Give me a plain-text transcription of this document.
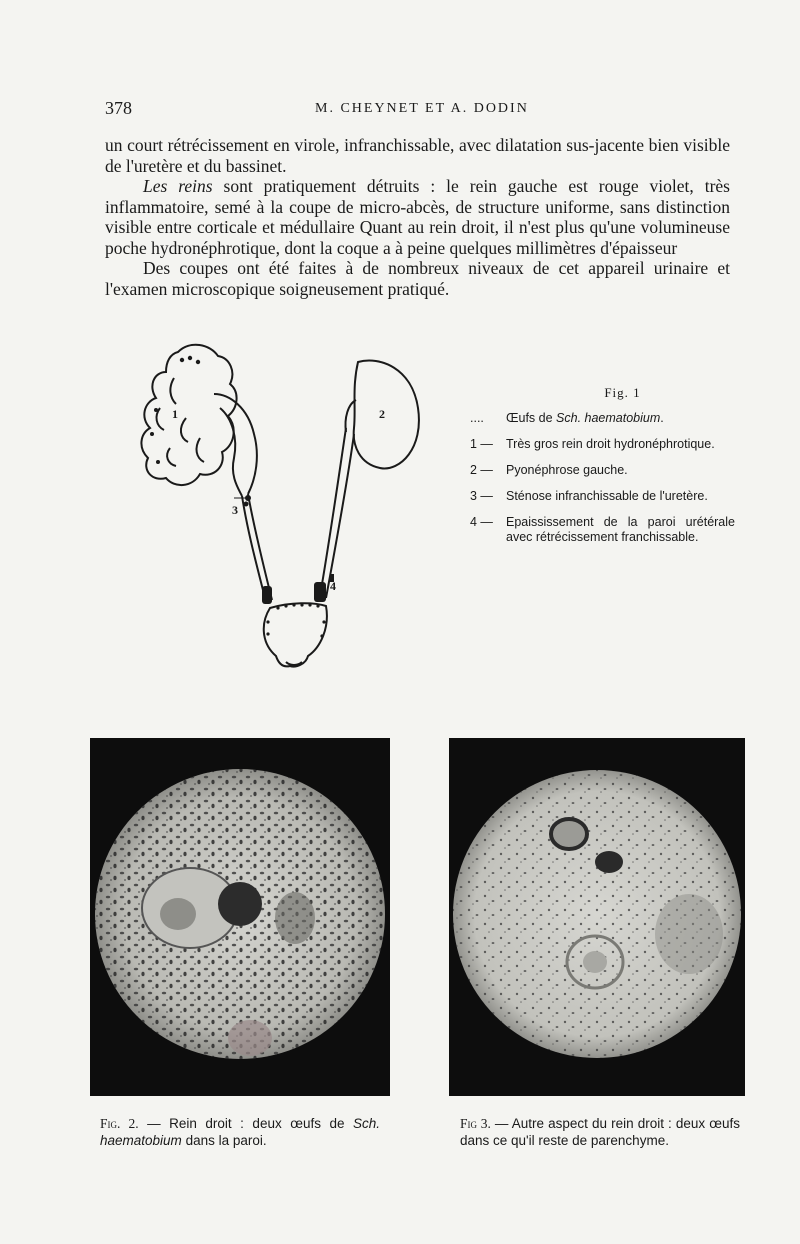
378	M. CHEYNET ET A. DODIN

un court rétrécissement en virole, infranchissable, avec dilatation sus-jacente bien visible de l'uretère et du bassinet.

Les reins sont pratiquement détruits : le rein gauche est rouge violet, très inflammatoire, semé à la coupe de micro-abcès, de structure uniforme, sans distinction visible entre corticale et médullaire Quant au rein droit, il n'est plus qu'une volumineuse poche hydronéphrotique, dont la coque a à peine quelques millimètres d'épaisseur

Des coupes ont été faites à de nombreux niveaux de cet appareil urinaire et l'examen microscopique soigneusement pratiqué.

1	2
3
4
Fig. 1
....	Œufs de Sch. haematobium.
1 —	Très gros rein droit hydronéphrotique.
2 —	Pyonéphrose gauche.
3 —	Sténose infranchissable de l'uretère.
4 —	Epaississement de la paroi urétérale avec rétrécissement franchissable.
Fig. 2. — Rein droit : deux œufs de Sch. haematobium dans la paroi.
Fig 3. — Autre aspect du rein droit : deux œufs dans ce qu'il reste de parenchyme.
